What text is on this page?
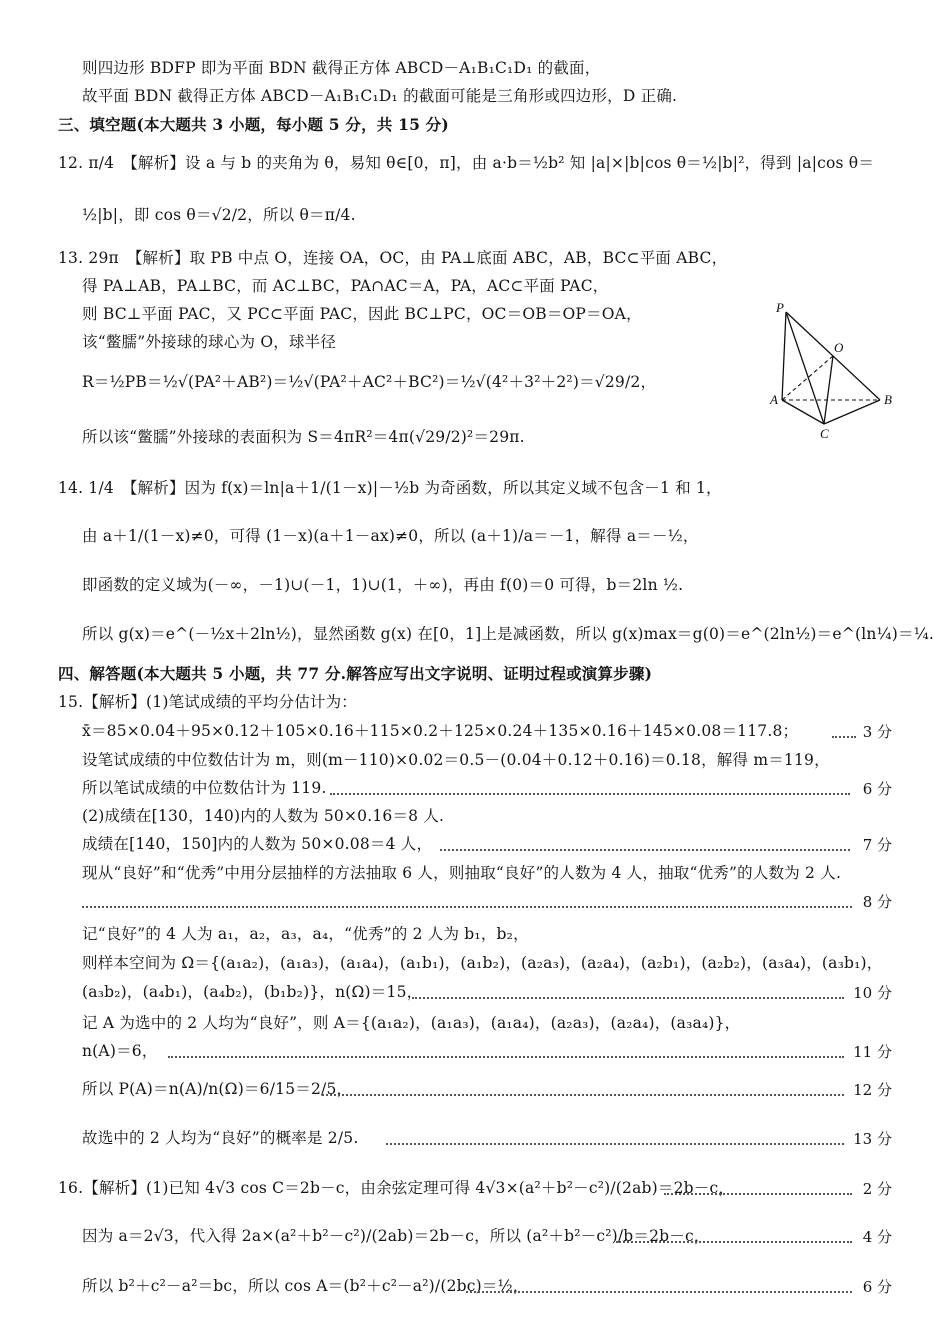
则四边形 BDFP 即为平面 BDN 截得正方体 ABCD－A₁B₁C₁D₁ 的截面，
故平面 BDN 截得正方体 ABCD－A₁B₁C₁D₁ 的截面可能是三角形或四边形，D 正确.
三、填空题(本大题共 3 小题，每小题 5 分，共 15 分)
12. π/4　【解析】设 a 与 b 的夹角为 θ，易知 θ∈[0，π]，由 a·b＝½b² 知 |a|×|b|cos θ＝½|b|²，得到 |a|cos θ＝
½|b|，即 cos θ＝√2/2，所以 θ＝π/4.
13. 29π　【解析】取 PB 中点 O，连接 OA，OC，由 PA⊥底面 ABC，AB，BC⊂平面 ABC，
得 PA⊥AB，PA⊥BC，而 AC⊥BC，PA∩AC＝A，PA，AC⊂平面 PAC，
则 BC⊥平面 PAC，又 PC⊂平面 PAC，因此 BC⊥PC，OC＝OB＝OP＝OA，
该“鳖臑”外接球的球心为 O，球半径
R＝½PB＝½√(PA²＋AB²)＝½√(PA²＋AC²＋BC²)＝½√(4²＋3²＋2²)＝√29/2，
所以该“鳖臑”外接球的表面积为 S＝4πR²＝4π(√29/2)²＝29π.
P
O
A	B
C
14. 1/4　【解析】因为 f(x)＝ln|a＋1/(1－x)|－½b 为奇函数，所以其定义域不包含－1 和 1，
由 a＋1/(1－x)≠0，可得 (1－x)(a＋1－ax)≠0，所以 (a＋1)/a＝－1，解得 a＝－½，
即函数的定义域为(－∞，－1)∪(－1，1)∪(1，＋∞)，再由 f(0)＝0 可得，b＝2ln ½.
所以 g(x)＝e^(－½x＋2ln½)，显然函数 g(x) 在[0，1]上是减函数，所以 g(x)max＝g(0)＝e^(2ln½)＝e^(ln¼)＝¼.
四、解答题(本大题共 5 小题，共 77 分.解答应写出文字说明、证明过程或演算步骤)
15.【解析】(1)笔试成绩的平均分估计为：
x̄＝85×0.04＋95×0.12＋105×0.16＋115×0.2＋125×0.24＋135×0.16＋145×0.08＝117.8；	3 分
设笔试成绩的中位数估计为 m，则(m－110)×0.02＝0.5－(0.04＋0.12＋0.16)＝0.18，解得 m＝119，
所以笔试成绩的中位数估计为 119.	6 分
(2)成绩在[130，140)内的人数为 50×0.16＝8 人.
成绩在[140，150]内的人数为 50×0.08＝4 人，	7 分
现从“良好”和“优秀”中用分层抽样的方法抽取 6 人，则抽取“良好”的人数为 4 人，抽取“优秀”的人数为 2 人.
8 分
记“良好”的 4 人为 a₁，a₂，a₃，a₄，“优秀”的 2 人为 b₁，b₂，
则样本空间为 Ω＝{(a₁a₂)，(a₁a₃)，(a₁a₄)，(a₁b₁)，(a₁b₂)，(a₂a₃)，(a₂a₄)，(a₂b₁)，(a₂b₂)，(a₃a₄)，(a₃b₁)，
(a₃b₂)，(a₄b₁)，(a₄b₂)，(b₁b₂)}，n(Ω)＝15，	10 分
记 A 为选中的 2 人均为“良好”，则 A＝{(a₁a₂)，(a₁a₃)，(a₁a₄)，(a₂a₃)，(a₂a₄)，(a₃a₄)}，
n(A)＝6，	11 分
所以 P(A)＝n(A)/n(Ω)＝6/15＝2/5，	12 分
故选中的 2 人均为“良好”的概率是 2/5.	13 分
16.【解析】(1)已知 4√3 cos C＝2b－c，由余弦定理可得 4√3×(a²＋b²－c²)/(2ab)＝2b－c，	2 分
因为 a＝2√3，代入得 2a×(a²＋b²－c²)/(2ab)＝2b－c，所以 (a²＋b²－c²)/b＝2b－c，	4 分
所以 b²＋c²－a²＝bc，所以 cos A＝(b²＋c²－a²)/(2bc)＝½，	6 分
